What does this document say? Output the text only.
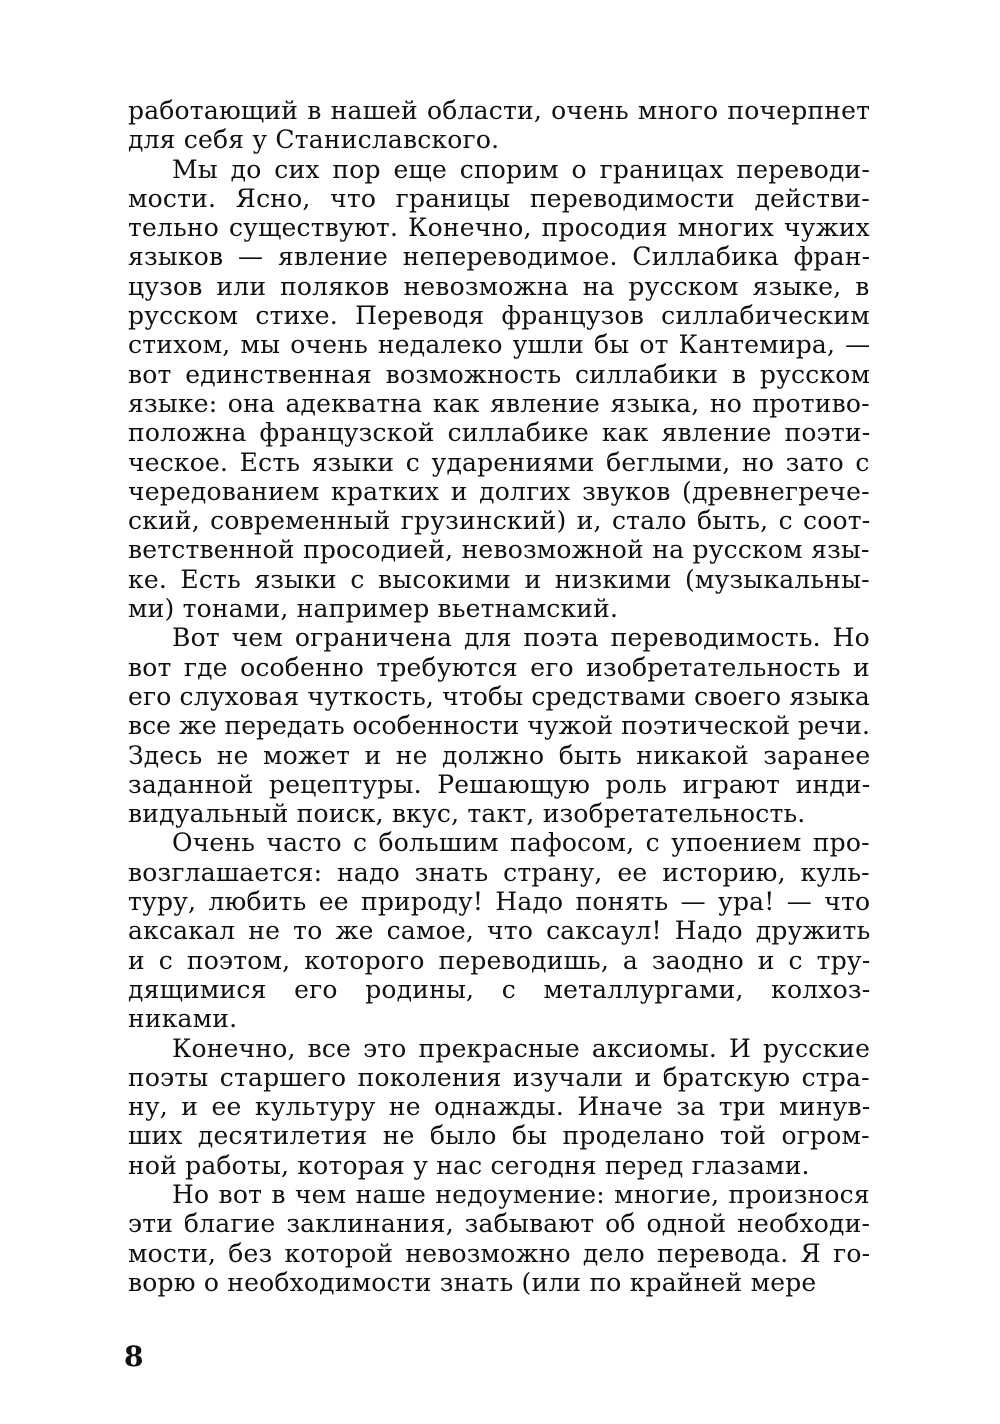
работающий в нашей области, очень много почерпнет
для себя у Станиславского.
Мы до сих пор еще спорим о границах переводи-
мости. Ясно, что границы переводимости действи-
тельно существуют. Конечно, просодия многих чужих
языков — явление непереводимое. Силлабика фран-
цузов или поляков невозможна на русском языке, в
русском стихе. Переводя французов силлабическим
стихом, мы очень недалеко ушли бы от Кантемира, —
вот единственная возможность силлабики в русском
языке: она адекватна как явление языка, но противо-
положна французской силлабике как явление поэти-
ческое. Есть языки с ударениями беглыми, но зато с
чередованием кратких и долгих звуков (древнегрече-
ский, современный грузинский) и, стало быть, с соот-
ветственной просодией, невозможной на русском язы-
ке. Есть языки с высокими и низкими (музыкальны-
ми) тонами, например вьетнамский.
Вот чем ограничена для поэта переводимость. Но
вот где особенно требуются его изобретательность и
его слуховая чуткость, чтобы средствами своего языка
все же передать особенности чужой поэтической речи.
Здесь не может и не должно быть никакой заранее
заданной рецептуры. Решающую роль играют инди-
видуальный поиск, вкус, такт, изобретательность.
Очень часто с большим пафосом, с упоением про-
возглашается: надо знать страну, ее историю, куль-
туру, любить ее природу! Надо понять — ура! — что
аксакал не то же самое, что саксаул! Надо дружить
и с поэтом, которого переводишь, а заодно и с тру-
дящимися его родины, с металлургами, колхоз-
никами.
Конечно, все это прекрасные аксиомы. И русские
поэты старшего поколения изучали и братскую стра-
ну, и ее культуру не однажды. Иначе за три минув-
ших десятилетия не было бы проделано той огром-
ной работы, которая у нас сегодня перед глазами.
Но вот в чем наше недоумение: многие, произнося
эти благие заклинания, забывают об одной необходи-
мости, без которой невозможно дело перевода. Я го-
ворю о необходимости знать (или по крайней мере
8
